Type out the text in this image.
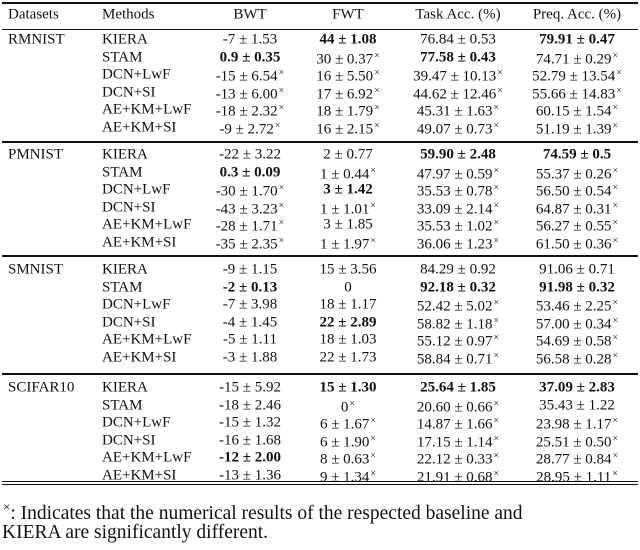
Datasets	Methods	BWT	FWT	Task Acc. (%) Preq. Acc. (%)
RMNIST KIERA	-7 ± 1.53	44 ± 1.08	76.84 ± 0.53	79.91 ± 0.47
STAM	0.9 ± 0.35 30 ± 0.37×	77.58 ± 0.43	74.71 ± 0.29×
DCN+LwF	-15 ± 6.54× 16 ± 5.50× 39.47 ± 10.13× 52.79 ± 13.54×
DCN+SI	-13 ± 6.00× 17 ± 6.92× 44.62 ± 12.46× 55.66 ± 14.83×
AE+KM+LwF -18 ± 2.32× 18 ± 1.79× 45.31 ± 1.63× 60.15 ± 1.54×
AE+KM+SI	-9 ± 2.72× 16 ± 2.15× 49.07 ± 0.73× 51.19 ± 1.39×
PMNIST	KIERA	-22 ± 3.22	2 ± 0.77	59.90 ± 2.48	74.59 ± 0.5
STAM	0.3 ± 0.09	1 ± 0.44×	47.97 ± 0.59× 55.37 ± 0.26×
DCN+LwF	-30 ± 1.70×	3 ± 1.42	35.53 ± 0.78× 56.50 ± 0.54×
DCN+SI	-43 ± 3.23× 1 ± 1.01×	33.09 ± 2.14× 64.87 ± 0.31×
AE+KM+LwF -28 ± 1.71×	3 ± 1.85	35.53 ± 1.02× 56.27 ± 0.55×
AE+KM+SI	-35 ± 2.35× 1 ± 1.97×	36.06 ± 1.23× 61.50 ± 0.36×
SMNIST	KIERA	-9 ± 1.15	15 ± 3.56	84.29 ± 0.92	91.06 ± 0.71
STAM	-2 ± 0.13	0	92.18 ± 0.32	91.98 ± 0.32
DCN+LwF	-7 ± 3.98	18 ± 1.17	52.42 ± 5.02× 53.46 ± 2.25×
DCN+SI	-4 ± 1.45	22 ± 2.89	58.82 ± 1.18× 57.00 ± 0.34×
AE+KM+LwF -5 ± 1.11	18 ± 1.03	55.12 ± 0.97× 54.69 ± 0.58×
AE+KM+SI	-3 ± 1.88	22 ± 1.73	58.84 ± 0.71× 56.58 ± 0.28×
SCIFAR10 KIERA	-15 ± 5.92	15 ± 1.30	25.64 ± 1.85	37.09 ± 2.83
STAM	-18 ± 2.46	0×	20.60 ± 0.66×	35.43 ± 1.22
DCN+LwF	-15 ± 1.32	6 ± 1.67×	14.87 ± 1.66× 23.98 ± 1.17×
DCN+SI	-16 ± 1.68	6 ± 1.90×	17.15 ± 1.14× 25.51 ± 0.50×
AE+KM+LwF -12 ± 2.00	8 ± 0.63×	22.12 ± 0.33× 28.77 ± 0.84×
AE+KM+SI	-13 ± 1.36	9 ± 1.34×	21.91 ± 0.68× 28.95 ± 1.11×
×: Indicates that the numerical results of the respected baseline and
KIERA are significantly different.
